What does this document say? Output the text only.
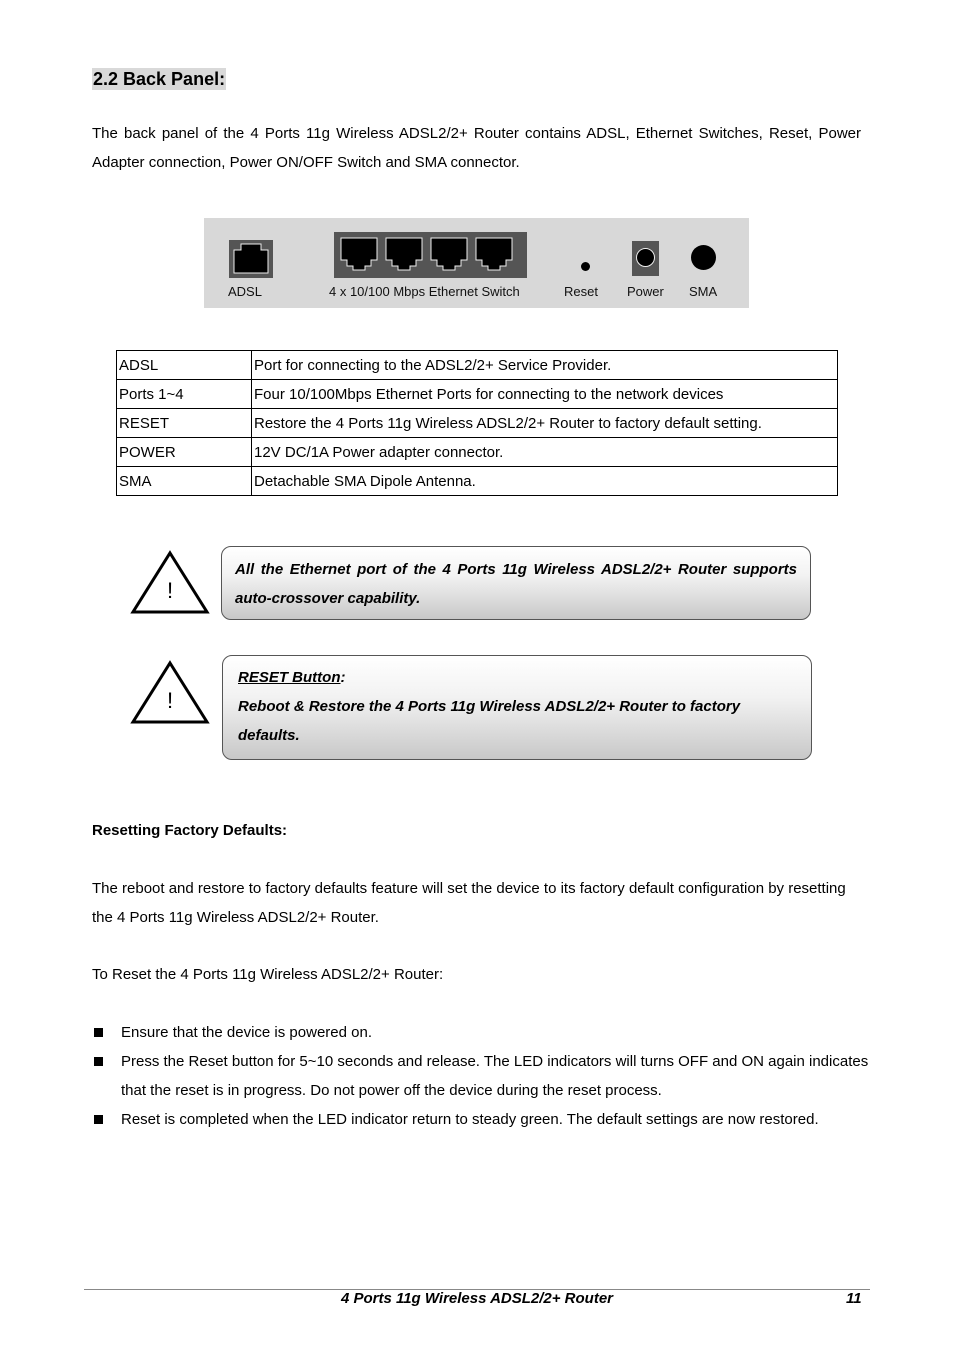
2.2 Back Panel:
The back panel of the 4 Ports 11g Wireless ADSL2/2+ Router contains ADSL, Ethernet Switches, Reset, Power Adapter connection, Power ON/OFF Switch and SMA connector.
ADSL	4 x 10/100 Mbps Ethernet Switch	Reset Power SMA
ADSL	Port for connecting to the ADSL2/2+ Service Provider.
Ports 1~4	Four 10/100Mbps Ethernet Ports for connecting to the network devices
RESET	Restore the 4 Ports 11g Wireless ADSL2/2+ Router to factory default setting.
POWER	12V DC/1A Power adapter connector.
SMA	Detachable SMA Dipole Antenna.
!
All the Ethernet port of the 4 Ports 11g Wireless ADSL2/2+ Router supports auto-crossover capability.
!
RESET Button:
Reboot & Restore the 4 Ports 11g Wireless ADSL2/2+ Router to factory defaults.
Resetting Factory Defaults:
The reboot and restore to factory defaults feature will set the device to its factory default configuration by resetting the 4 Ports 11g Wireless ADSL2/2+ Router.
To Reset the 4 Ports 11g Wireless ADSL2/2+ Router:
Ensure that the device is powered on.
Press the Reset button for 5~10 seconds and release. The LED indicators will turns OFF and ON again indicates that the reset is in progress. Do not power off the device during the reset process.
Reset is completed when the LED indicator return to steady green. The default settings are now restored.
4 Ports 11g Wireless ADSL2/2+ Router	11
